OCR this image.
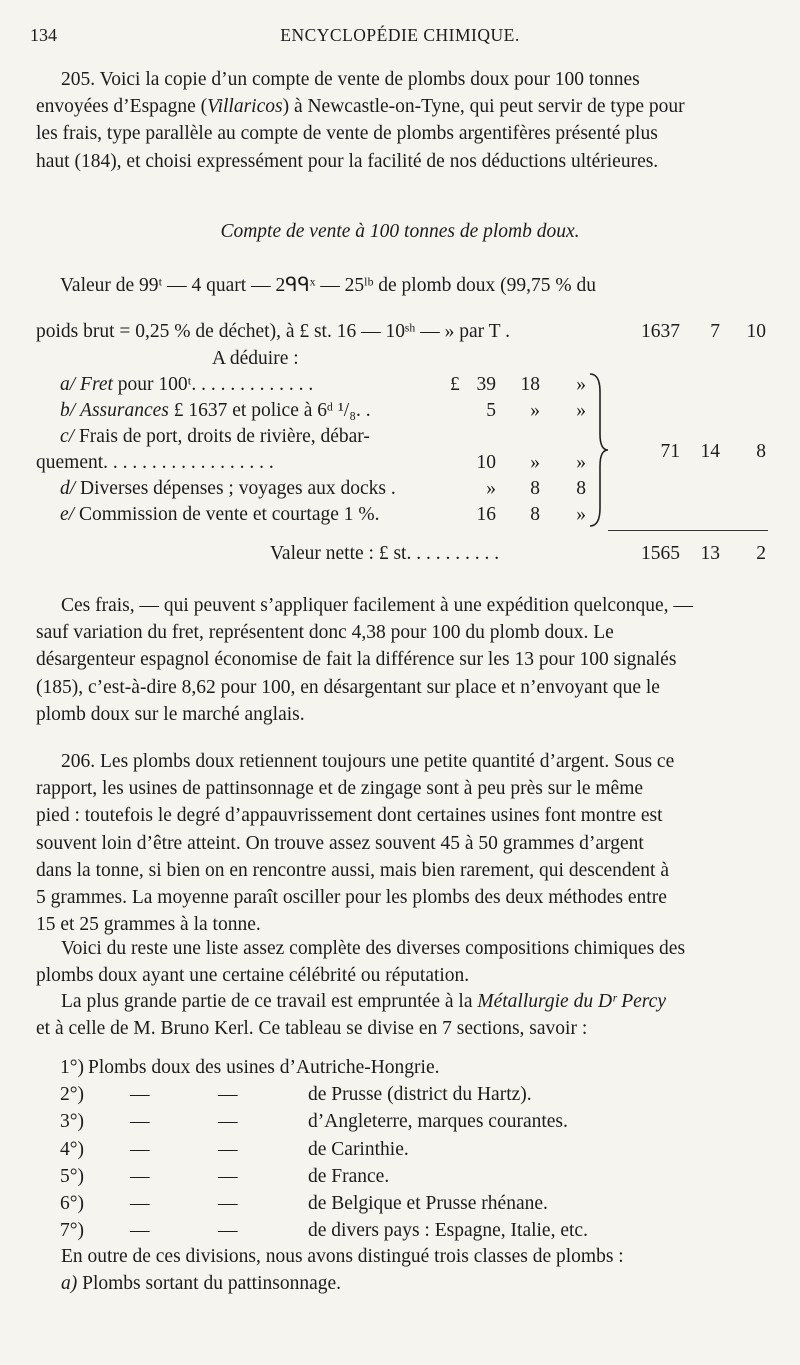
134	ENCYCLOPÉDIE CHIMIQUE.
205. Voici la copie d’un compte de vente de plombs doux pour 100 tonnes
envoyées d’Espagne (Villaricos) à Newcastle-on-Tyne, qui peut servir de type pour
les frais, type parallèle au compte de vente de plombs argentifères présenté plus
haut (184), et choisi expressément pour la facilité de nos déductions ultérieures.
Compte de vente à 100 tonnes de plomb doux.
Valeur de 99ᵗ — 4 quart — 2ᑫᑫˣ — 25ˡᵇ de plomb doux (99,75 % du
poids brut = 0,25 % de déchet), à £ st. 16 — 10ˢʰ — » par T .	1637	7	10
A déduire :
a/ Fret pour 100ᵗ. . . . . . . . . . . . .	£ 39	18	»
b/ Assurances £ 1637 et police à 6ᵈ ¹/₈. .	5	»	»
c/ Frais de port, droits de rivière, débar-
quement. . . . . . . . . . . . . . . . . .	10	»	»
d/ Diverses dépenses ; voyages aux docks .	»	8	8
e/ Commission de vente et courtage 1 %.	16	8	»
71	14	8
Valeur nette : £ st. . . . . . . . . .	1565	13	2
Ces frais, — qui peuvent s’appliquer facilement à une expédition quelconque, —
sauf variation du fret, représentent donc 4,38 pour 100 du plomb doux. Le
désargenteur espagnol économise de fait la différence sur les 13 pour 100 signalés
(185), c’est-à-dire 8,62 pour 100, en désargentant sur place et n’envoyant que le
plomb doux sur le marché anglais.
206. Les plombs doux retiennent toujours une petite quantité d’argent. Sous ce
rapport, les usines de pattinsonnage et de zingage sont à peu près sur le même
pied : toutefois le degré d’appauvrissement dont certaines usines font montre est
souvent loin d’être atteint. On trouve assez souvent 45 à 50 grammes d’argent
dans la tonne, si bien on en rencontre aussi, mais bien rarement, qui descendent à
5 grammes. La moyenne paraît osciller pour les plombs des deux méthodes entre
15 et 25 grammes à la tonne.
Voici du reste une liste assez complète des diverses compositions chimiques des
plombs doux ayant une certaine célébrité ou réputation.
La plus grande partie de ce travail est empruntée à la Métallurgie du Dʳ Percy
et à celle de M. Bruno Kerl. Ce tableau se divise en 7 sections, savoir :
1°) Plombs doux des usines d’Autriche-Hongrie.
2°) —	—	de Prusse (district du Hartz).
3°) —	—	d’Angleterre, marques courantes.
4°) —	—	de Carinthie.
5°) —	—	de France.
6°) —	—	de Belgique et Prusse rhénane.
7°) —	—	de divers pays : Espagne, Italie, etc.
En outre de ces divisions, nous avons distingué trois classes de plombs :
a) Plombs sortant du pattinsonnage.
